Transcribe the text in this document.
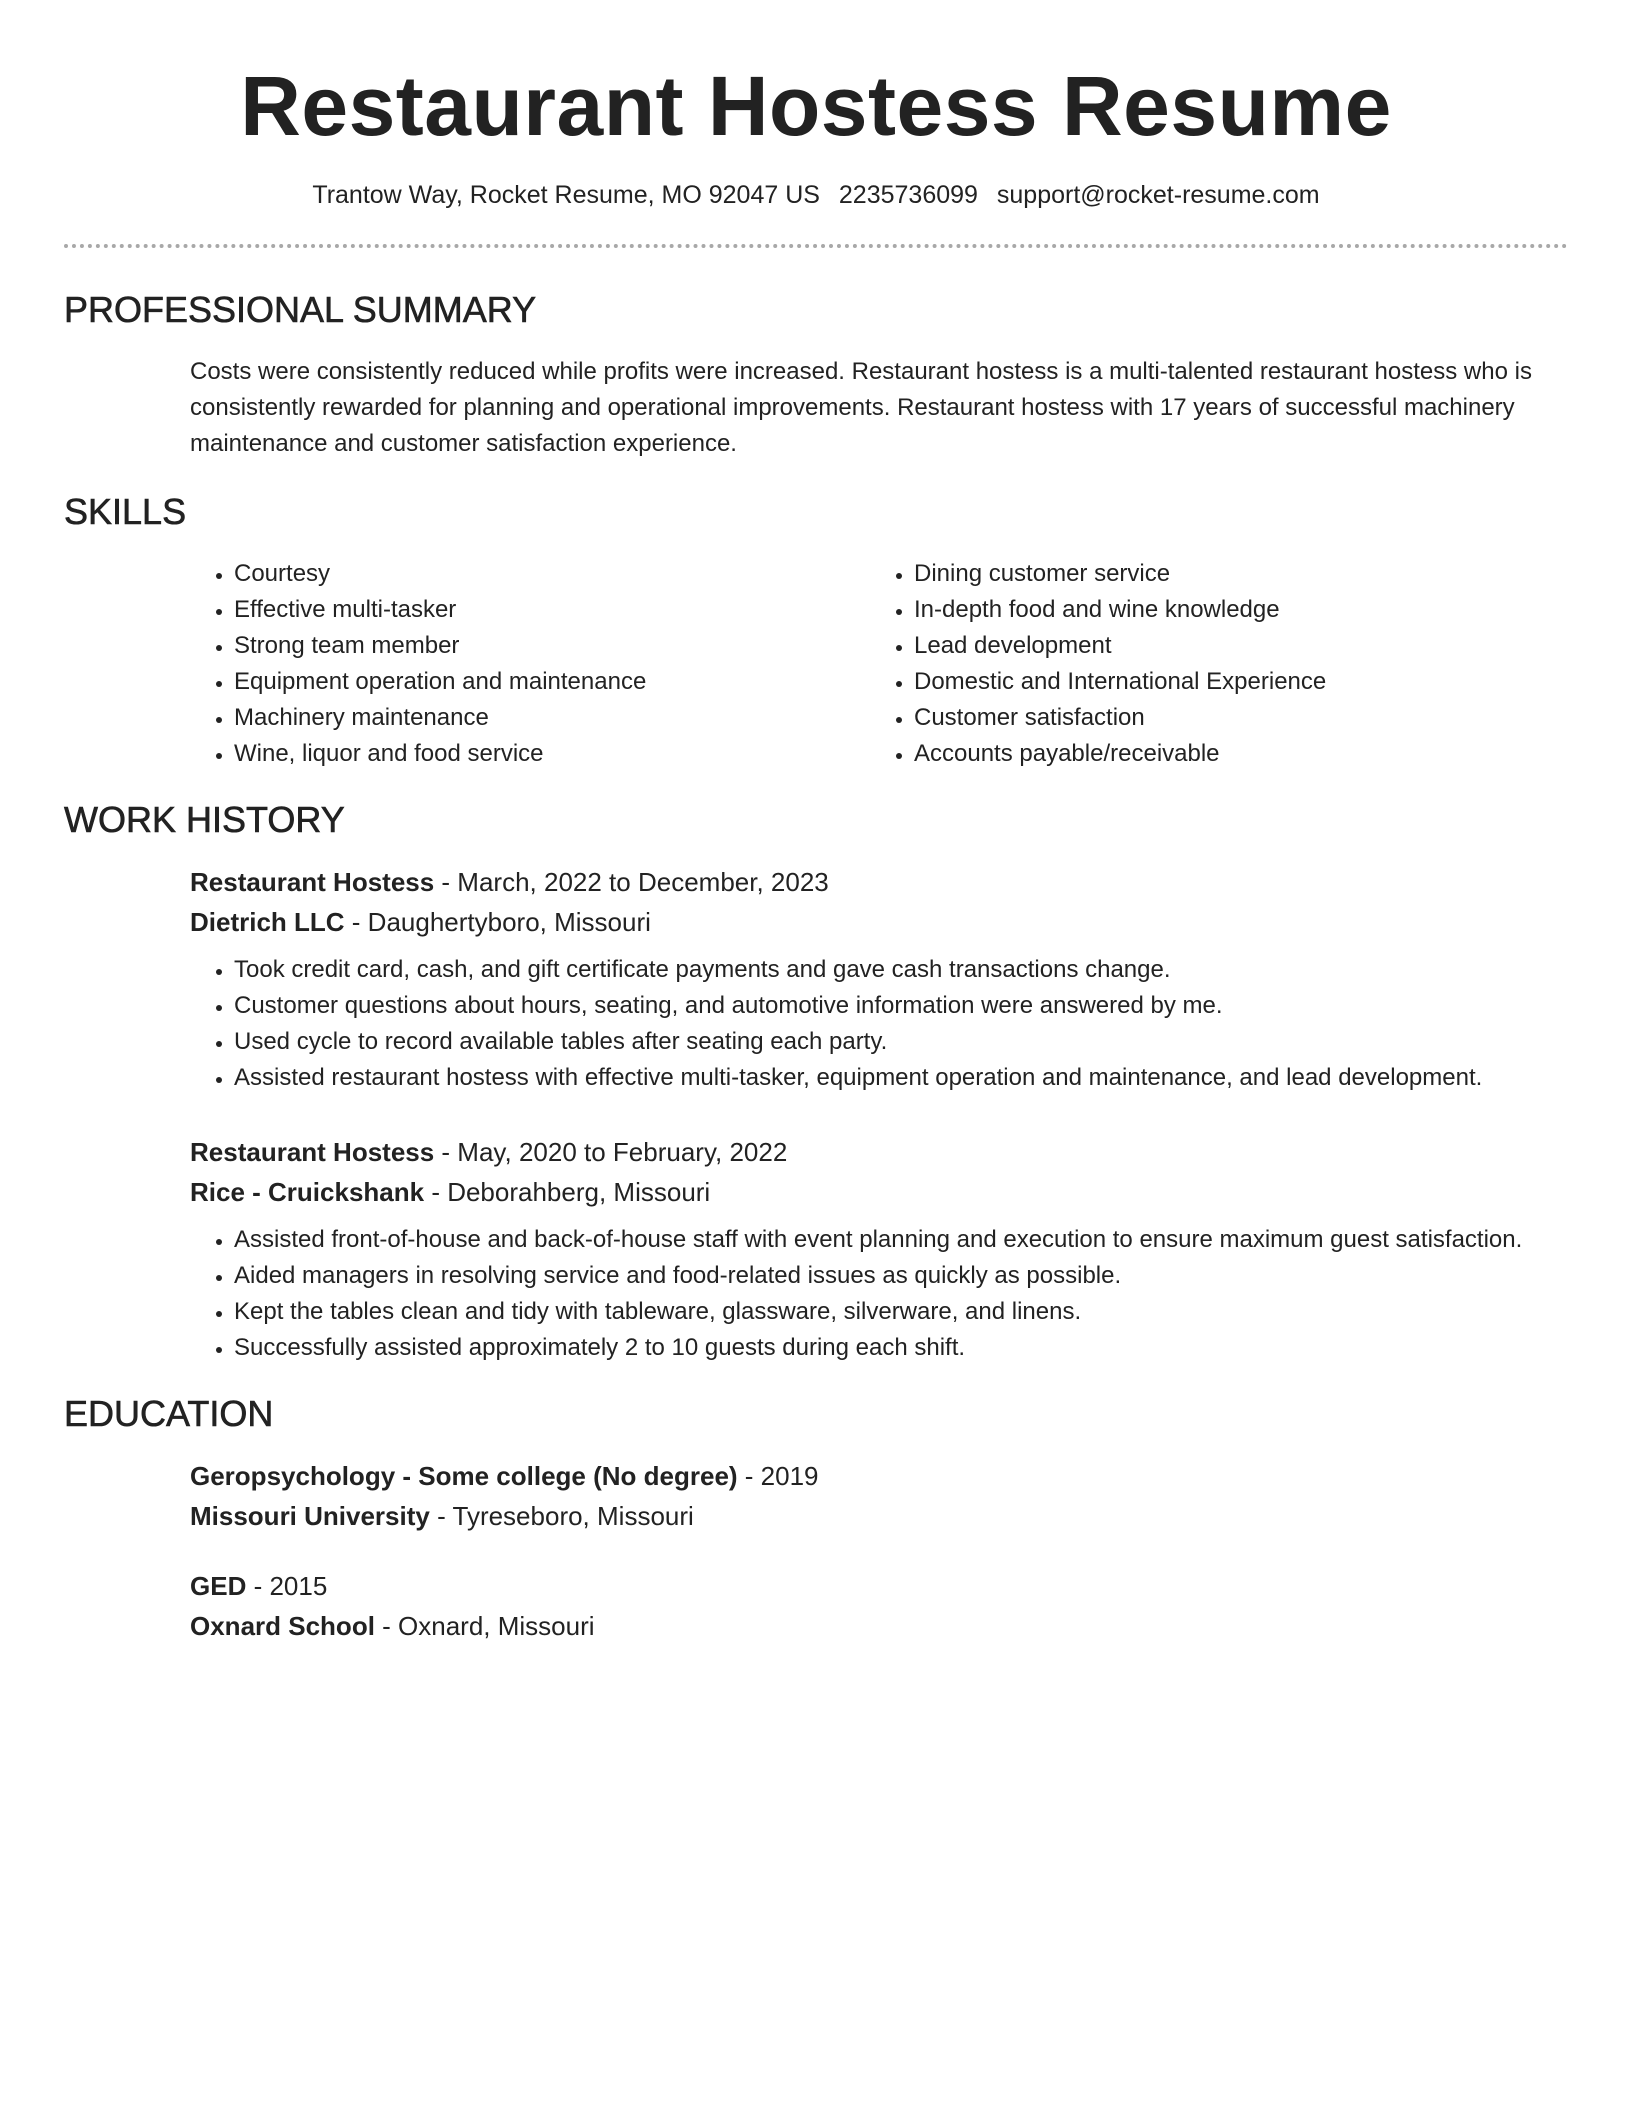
Restaurant Hostess Resume
Trantow Way, Rocket Resume, MO 92047 US 2235736099 support@rocket-resume.com
PROFESSIONAL SUMMARY
Costs were consistently reduced while profits were increased. Restaurant hostess is a multi-talented restaurant hostess who is consistently rewarded for planning and operational improvements. Restaurant hostess with 17 years of successful machinery maintenance and customer satisfaction experience.
SKILLS
• Courtesy
• Effective multi-tasker
• Strong team member
• Equipment operation and maintenance
• Machinery maintenance
• Wine, liquor and food service
• Dining customer service
• In-depth food and wine knowledge
• Lead development
• Domestic and International Experience
• Customer satisfaction
• Accounts payable/receivable
WORK HISTORY
Restaurant Hostess - March, 2022 to December, 2023
Dietrich LLC - Daughertyboro, Missouri
• Took credit card, cash, and gift certificate payments and gave cash transactions change.
• Customer questions about hours, seating, and automotive information were answered by me.
• Used cycle to record available tables after seating each party.
• Assisted restaurant hostess with effective multi-tasker, equipment operation and maintenance, and lead development.
Restaurant Hostess - May, 2020 to February, 2022
Rice - Cruickshank - Deborahberg, Missouri
• Assisted front-of-house and back-of-house staff with event planning and execution to ensure maximum guest satisfaction.
• Aided managers in resolving service and food-related issues as quickly as possible.
• Kept the tables clean and tidy with tableware, glassware, silverware, and linens.
• Successfully assisted approximately 2 to 10 guests during each shift.
EDUCATION
Geropsychology - Some college (No degree) - 2019
Missouri University - Tyreseboro, Missouri
GED - 2015
Oxnard School - Oxnard, Missouri
